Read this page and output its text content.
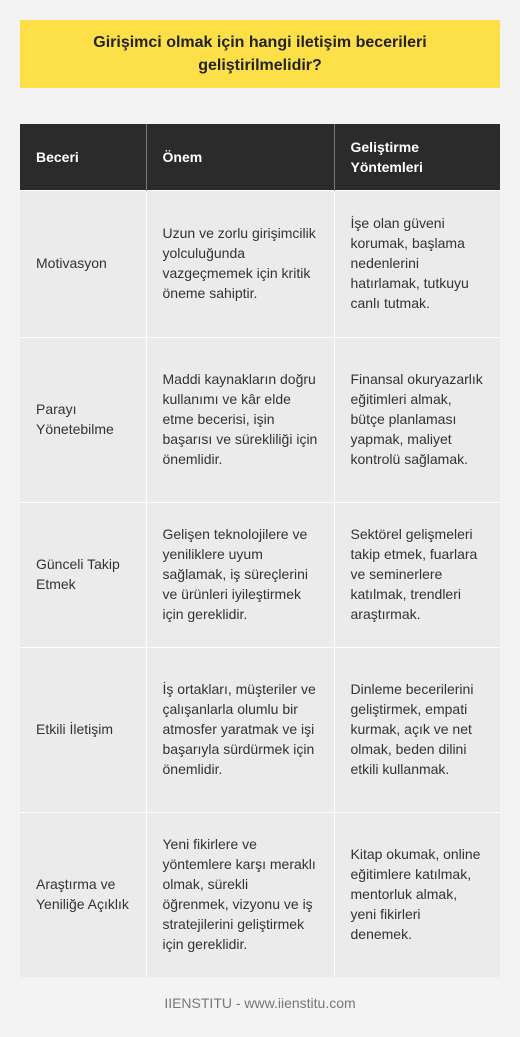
Girişimci olmak için hangi iletişim becerileri geliştirilmelidir?
Beceri	Önem	Geliştirme Yöntemleri
Motivasyon	Uzun ve zorlu girişimcilik yolculuğunda vazgeçmemek için kritik öneme sahiptir.	İşe olan güveni korumak, başlama nedenlerini hatırlamak, tutkuyu canlı tutmak.
Parayı Yönetebilme	Maddi kaynakların doğru kullanımı ve kâr elde etme becerisi, işin başarısı ve sürekliliği için önemlidir.	Finansal okuryazarlık eğitimleri almak, bütçe planlaması yapmak, maliyet kontrolü sağlamak.
Günceli Takip Etmek	Gelişen teknolojilere ve yeniliklere uyum sağlamak, iş süreçlerini ve ürünleri iyileştirmek için gereklidir.	Sektörel gelişmeleri takip etmek, fuarlara ve seminerlere katılmak, trendleri araştırmak.
Etkili İletişim	İş ortakları, müşteriler ve çalışanlarla olumlu bir atmosfer yaratmak ve işi başarıyla sürdürmek için önemlidir.	Dinleme becerilerini geliştirmek, empati kurmak, açık ve net olmak, beden dilini etkili kullanmak.
Araştırma ve Yeniliğe Açıklık	Yeni fikirlere ve yöntemlere karşı meraklı olmak, sürekli öğrenmek, vizyonu ve iş stratejilerini geliştirmek için gereklidir.	Kitap okumak, online eğitimlere katılmak, mentorluk almak, yeni fikirleri denemek.
IIENSTITU - www.iienstitu.com
